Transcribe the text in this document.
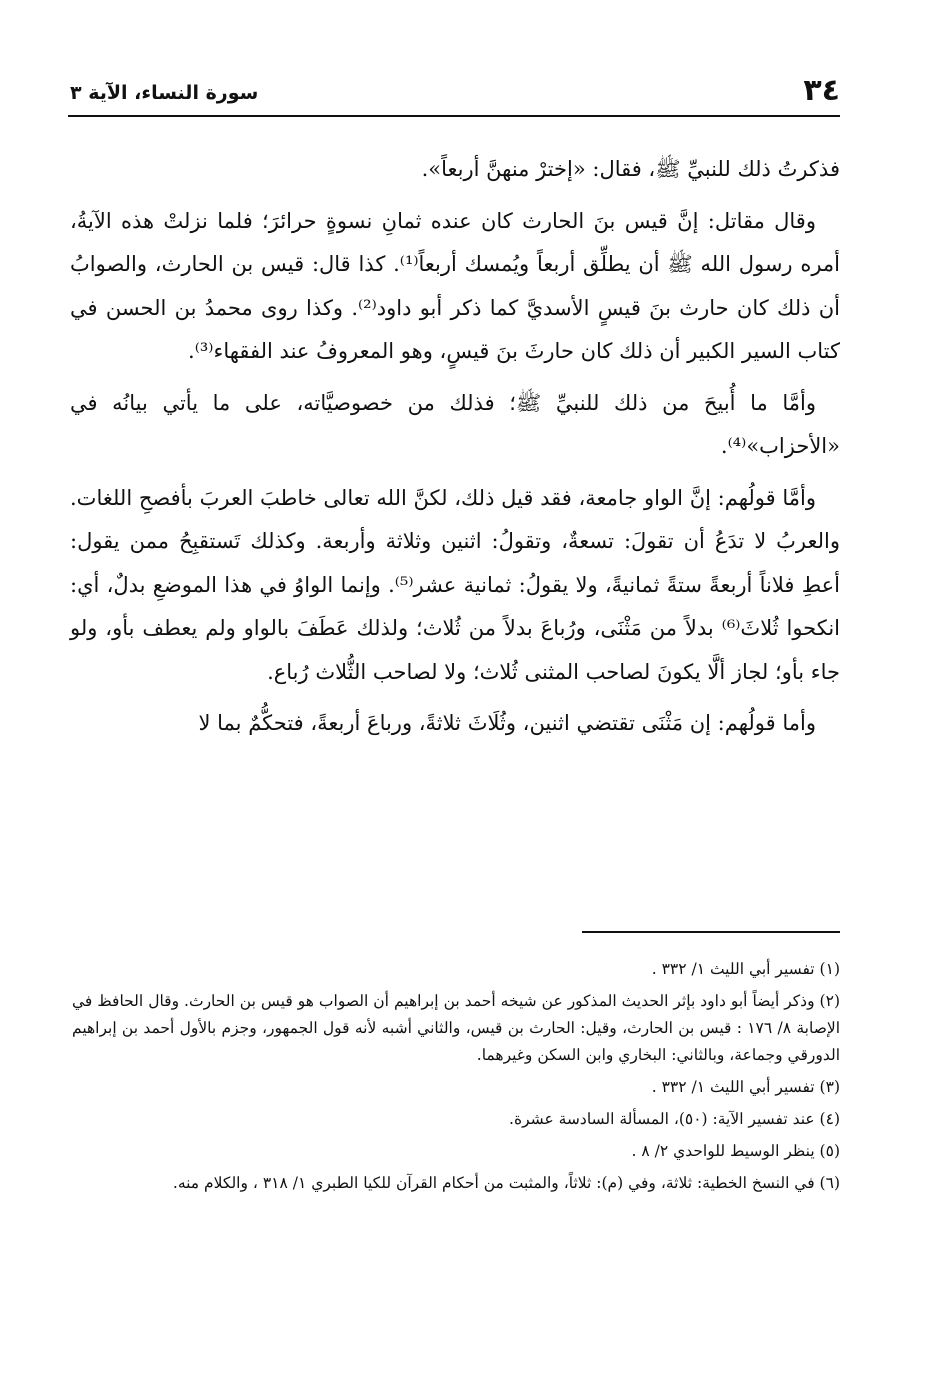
٣٤
سورة النساء، الآية ٣

فذكرتُ ذلك للنبيِّ ﷺ، فقال: «إخترْ منهنَّ أربعاً».

وقال مقاتل: إنَّ قيس بنَ الحارث كان عنده ثمانِ نسوةٍ حرائرَ؛ فلما نزلتْ هذه الآيةُ، أمره رسول الله ﷺ أن يطلِّق أربعاً ويُمسك أربعاً⁽¹⁾. كذا قال: قيس بن الحارث، والصوابُ أن ذلك كان حارث بنَ قيسٍ الأسديَّ كما ذكر أبو داود⁽²⁾. وكذا روى محمدُ بن الحسن في كتاب السير الكبير أن ذلك كان حارثَ بنَ قيسٍ، وهو المعروفُ عند الفقهاء⁽³⁾.

وأمَّا ما أُبيحَ من ذلك للنبيِّ ﷺ؛ فذلك من خصوصيَّاته، على ما يأتي بيانُه في «الأحزاب»⁽⁴⁾.

وأمَّا قولُهم: إنَّ الواو جامعة، فقد قيل ذلك، لكنَّ الله تعالى خاطبَ العربَ بأفصحِ اللغات. والعربُ لا تدَعُ أن تقولَ: تسعةٌ، وتقولُ: اثنين وثلاثة وأربعة. وكذلك تَستقبِحُ ممن يقول: أعطِ فلاناً أربعةً ستةً ثمانيةً، ولا يقولُ: ثمانية عشر⁽⁵⁾. وإنما الواوُ في هذا الموضعِ بدلٌ، أي: انكحوا ثُلاثَ⁽⁶⁾ بدلاً من مَثْنَى، ورُباعَ بدلاً من ثُلاث؛ ولذلك عَطَفَ بالواو ولم يعطف بأو، ولو جاء بأو؛ لجاز ألَّا يكونَ لصاحب المثنى ثُلاث؛ ولا لصاحب الثُّلاث رُباع.

وأما قولُهم: إن مَثْنَى تقتضي اثنين، وثُلَاثَ ثلاثةً، ورباعَ أربعةً، فتحكُّمٌ بما لا

(١) تفسير أبي الليث ١/ ٣٣٢ .

(٢) وذكر أيضاً أبو داود بإثر الحديث المذكور عن شيخه أحمد بن إبراهيم أن الصواب هو قيس بن الحارث. وقال الحافظ في الإصابة ٨/ ١٧٦ : قيس بن الحارث، وقيل: الحارث بن قيس، والثاني أشبه لأنه قول الجمهور، وجزم بالأول أحمد بن إبراهيم الدورقي وجماعة، وبالثاني: البخاري وابن السكن وغيرهما.

(٣) تفسير أبي الليث ١/ ٣٣٢ .

(٤) عند تفسير الآية: (٥٠)، المسألة السادسة عشرة.

(٥) ينظر الوسيط للواحدي ٢/ ٨ .

(٦) في النسخ الخطية: ثلاثة، وفي (م): ثلاثاً، والمثبت من أحكام القرآن للكيا الطبري ١/ ٣١٨ ، والكلام منه.
